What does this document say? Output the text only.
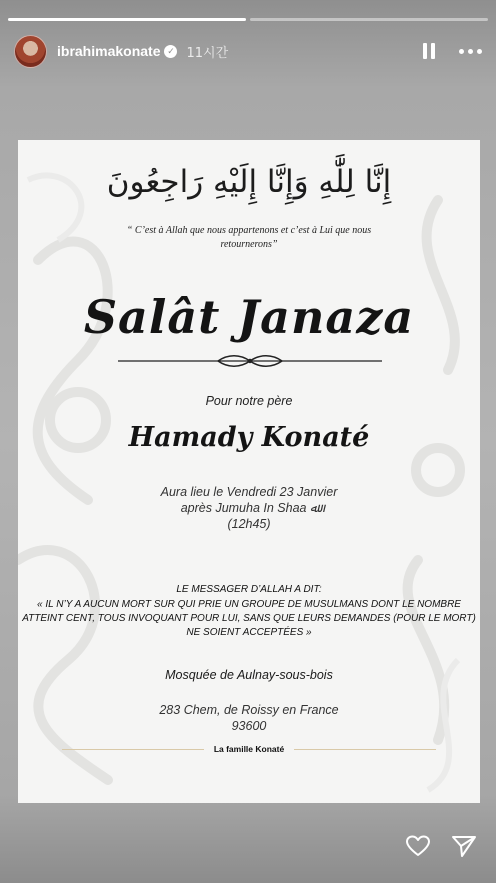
ibrahimakonate ✓ 11시간
إِنَّا لِلَّٰهِ وَإِنَّا إِلَيْهِ رَاجِعُونَ
“ C’est à Allah que nous appartenons et c’est à Lui que nous retournerons”
Salât Janaza
Pour notre père
Hamady Konaté
Aura lieu le Vendredi 23 Janvier
après Jumuha In Shaa ﷲ
(12h45)
LE MESSAGER D’ALLAH A DIT:
« IL N’Y A AUCUN MORT SUR QUI PRIE UN GROUPE DE MUSULMANS DONT LE NOMBRE ATTEINT CENT, TOUS INVOQUANT POUR LUI, SANS QUE LEURS DEMANDES (POUR LE MORT) NE SOIENT ACCEPTÉES »
Mosquée de Aulnay-sous-bois
283 Chem, de Roissy en France
93600
La famille Konaté
